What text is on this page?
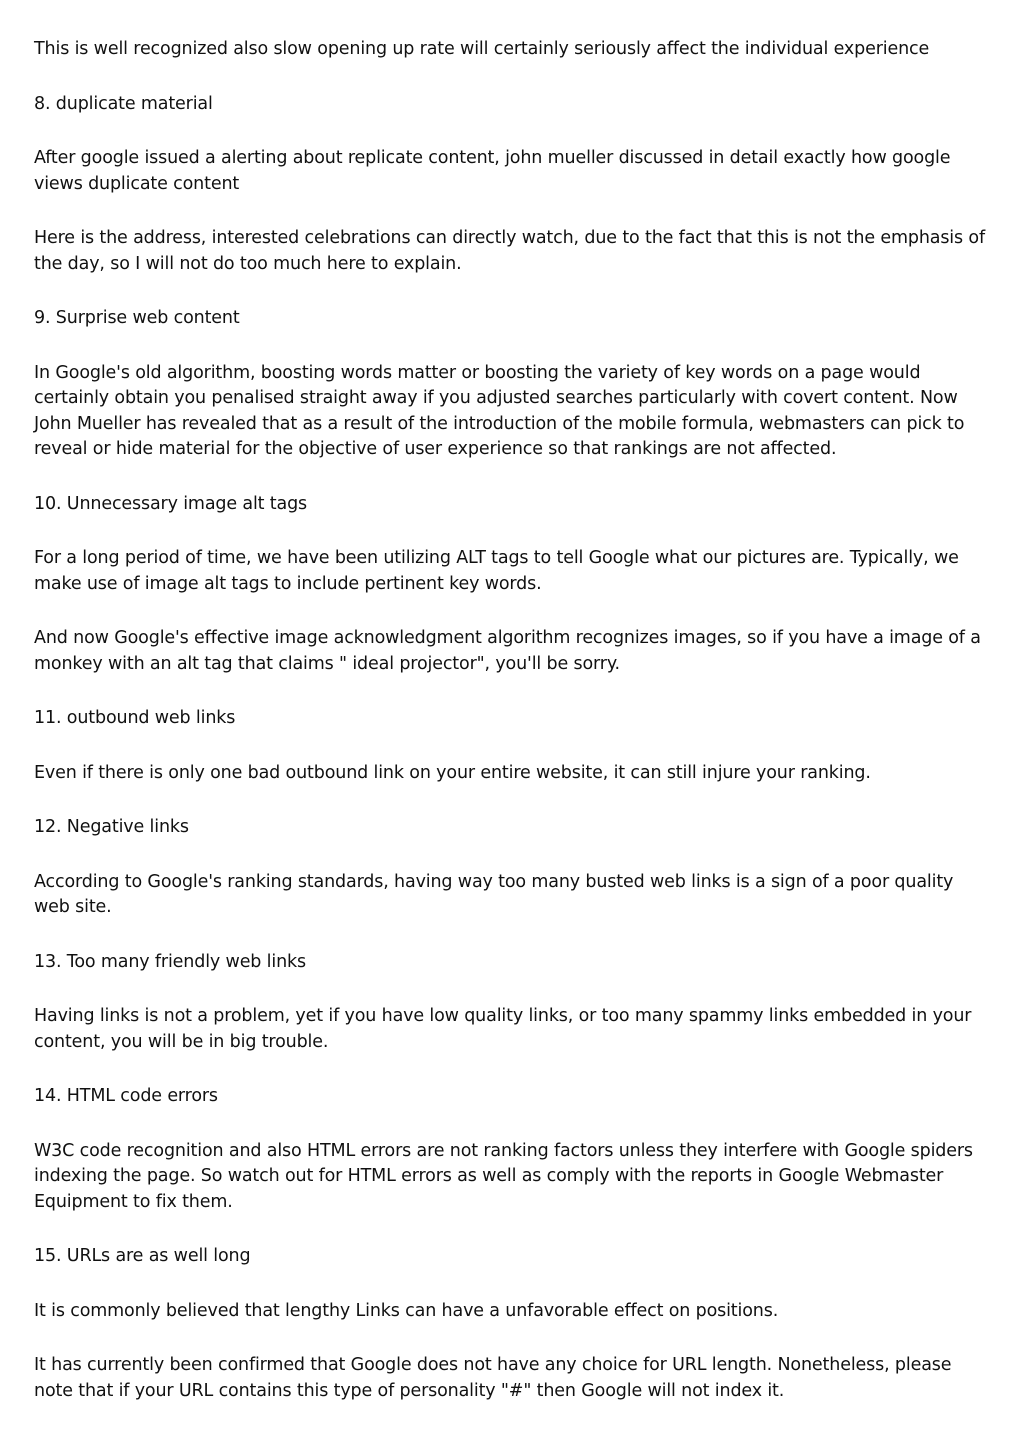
This is well recognized also slow opening up rate will certainly seriously affect the individual experience

8. duplicate material

After google issued a alerting about replicate content, john mueller discussed in detail exactly how google views duplicate content

Here is the address, interested celebrations can directly watch, due to the fact that this is not the emphasis of the day, so I will not do too much here to explain.

9. Surprise web content

In Google's old algorithm, boosting words matter or boosting the variety of key words on a page would certainly obtain you penalised straight away if you adjusted searches particularly with covert content. Now John Mueller has revealed that as a result of the introduction of the mobile formula, webmasters can pick to reveal or hide material for the objective of user experience so that rankings are not affected.

10. Unnecessary image alt tags

For a long period of time, we have been utilizing ALT tags to tell Google what our pictures are. Typically, we make use of image alt tags to include pertinent key words.

And now Google's effective image acknowledgment algorithm recognizes images, so if you have a image of a monkey with an alt tag that claims " ideal projector", you'll be sorry.

11. outbound web links

Even if there is only one bad outbound link on your entire website, it can still injure your ranking.

12. Negative links

According to Google's ranking standards, having way too many busted web links is a sign of a poor quality web site.

13. Too many friendly web links

Having links is not a problem, yet if you have low quality links, or too many spammy links embedded in your content, you will be in big trouble.

14. HTML code errors

W3C code recognition and also HTML errors are not ranking factors unless they interfere with Google spiders indexing the page. So watch out for HTML errors as well as comply with the reports in Google Webmaster Equipment to fix them.

15. URLs are as well long

It is commonly believed that lengthy Links can have a unfavorable effect on positions.

It has currently been confirmed that Google does not have any choice for URL length. Nonetheless, please note that if your URL contains this type of personality "#" then Google will not index it.
